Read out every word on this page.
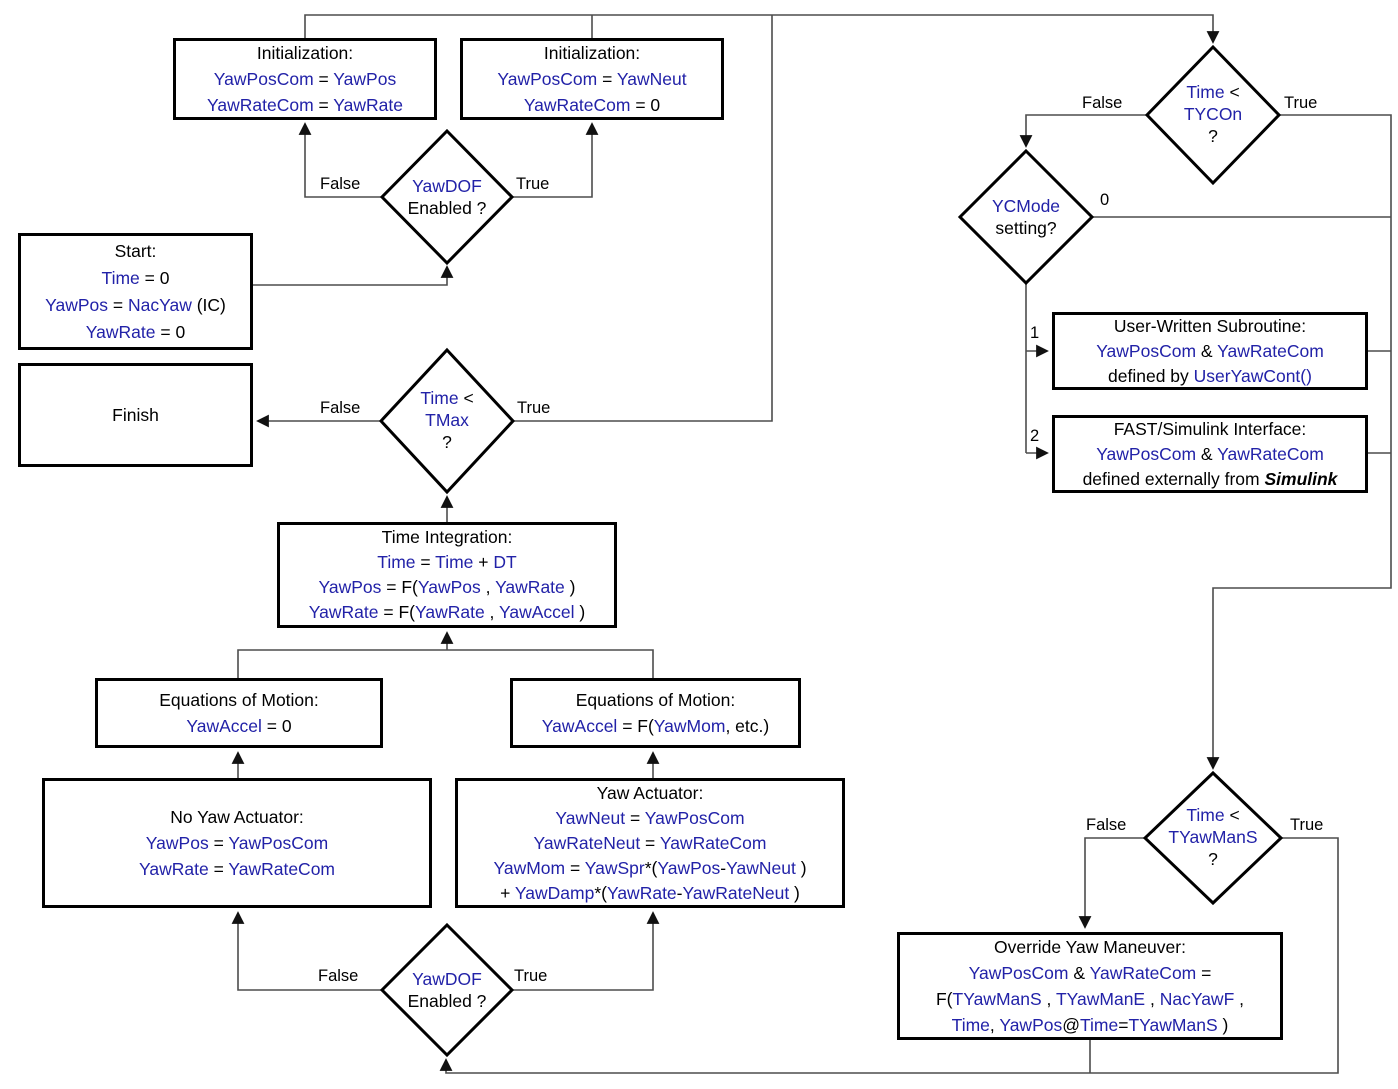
Start:
Time = 0
YawPos = NacYaw (IC)
YawRate = 0
Finish
Initialization:
YawPosCom = YawPos
YawRateCom = YawRate
Initialization:
YawPosCom = YawNeut
YawRateCom = 0
Time Integration:
Time = Time + DT
YawPos = F(YawPos , YawRate )
YawRate = F(YawRate , YawAccel )
Equations of Motion:
YawAccel = 0
Equations of Motion:
YawAccel = F(YawMom, etc.)
No Yaw Actuator:
YawPos = YawPosCom
YawRate = YawRateCom
Yaw Actuator:
YawNeut = YawPosCom
YawRateNeut = YawRateCom
YawMom = YawSpr*(YawPos-YawNeut )
+ YawDamp*(YawRate-YawRateNeut )
User-Written Subroutine:
YawPosCom & YawRateCom
defined by UserYawCont()
FAST/Simulink Interface:
YawPosCom & YawRateCom
defined externally from Simulink
Override Yaw Maneuver:
YawPosCom & YawRateCom =
F(TYawManS , TYawManE , NacYawF ,
Time, YawPos@Time=TYawManS )
YawDOF
Enabled ?
Time <
TMax
?
Time <
TYCOn
?
YCMode
setting?
Time <
TYawManS
?
YawDOF
Enabled ?
False	True
False	True
False	True
0
1
2
False	True
False	True
